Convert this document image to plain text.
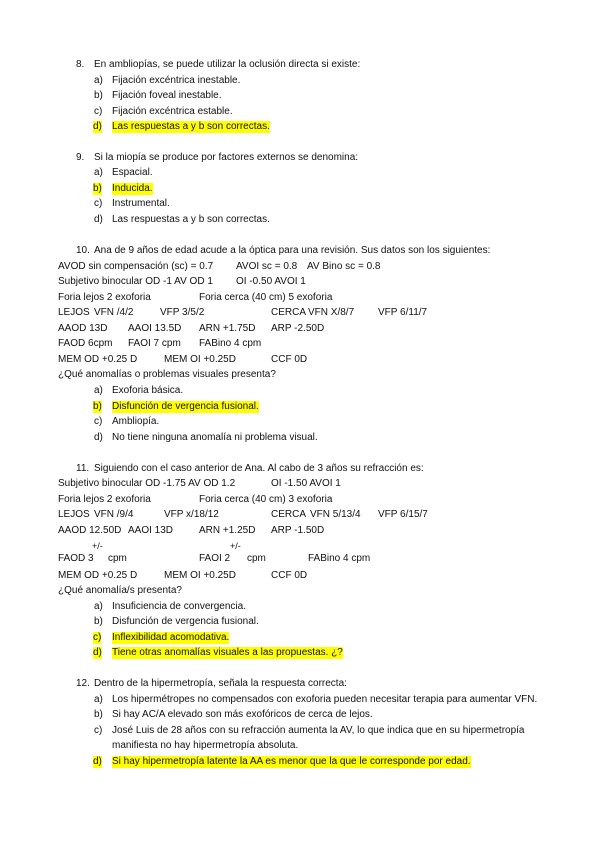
8. En ambliopías, se puede utilizar la oclusión directa si existe:
a) Fijación excéntrica inestable.
b) Fijación foveal inestable.
c) Fijación excéntrica estable.
d) Las respuestas a y b son correctas.
9. Si la miopía se produce por factores externos se denomina:
a) Espacial.
b) Inducida.
c) Instrumental.
d) Las respuestas a y b son correctas.
10. Ana de 9 años de edad acude a la óptica para una revisión. Sus datos son los siguientes:
AVOD sin compensación (sc) = 0.7 AVOI sc = 0.8 AV Bino sc = 0.8
Subjetivo binocular OD -1 AV OD 1 OI -0.50 AVOI 1
Foria lejos 2 exoforia	Foria cerca (40 cm) 5 exoforia
LEJOS VFN /4/2	VFP 3/5/2	CERCA VFN X/8/7 VFP 6/11/7
AAOD 13D AAOI 13.5D ARN +1.75D ARP -2.50D
FAOD 6cpm FAOI 7 cpm FABino 4 cpm
MEM OD +0.25 D	MEM OI +0.25D	CCF 0D
¿Qué anomalías o problemas visuales presenta?
a) Exoforia básica.
b) Disfunción de vergencia fusional.
c) Ambliopía.
d) No tiene ninguna anomalía ni problema visual.
11. Siguiendo con el caso anterior de Ana. Al cabo de 3 años su refracción es:
Subjetivo binocular OD -1.75 AV OD 1.2	OI -1.50 AVOI 1
Foria lejos 2 exoforia	Foria cerca (40 cm) 3 exoforia
LEJOS VFN /9/4	VFP x/18/12	CERCA VFN 5/13/4 VFP 6/15/7
AAOD 12.50D AAOI 13D	ARN +1.25D ARP -1.50D
+/-	+/-
FAOD 3 cpm	FAOI 2 cpm	FABino 4 cpm
MEM OD +0.25 D	MEM OI +0.25D	CCF 0D
¿Qué anomalía/s presenta?
a) Insuficiencia de convergencia.
b) Disfunción de vergencia fusional.
c) Inflexibilidad acomodativa.
d) Tiene otras anomalías visuales a las propuestas. ¿?
12. Dentro de la hipermetropía, señala la respuesta correcta:
a) Los hipermétropes no compensados con exoforia pueden necesitar terapia para aumentar VFN.
b) Si hay AC/A elevado son más exofóricos de cerca de lejos.
c) José Luis de 28 años con su refracción aumenta la AV, lo que indica que en su hipermetropía
manifiesta no hay hipermetropía absoluta.
d) Si hay hipermetropía latente la AA es menor que la que le corresponde por edad.
